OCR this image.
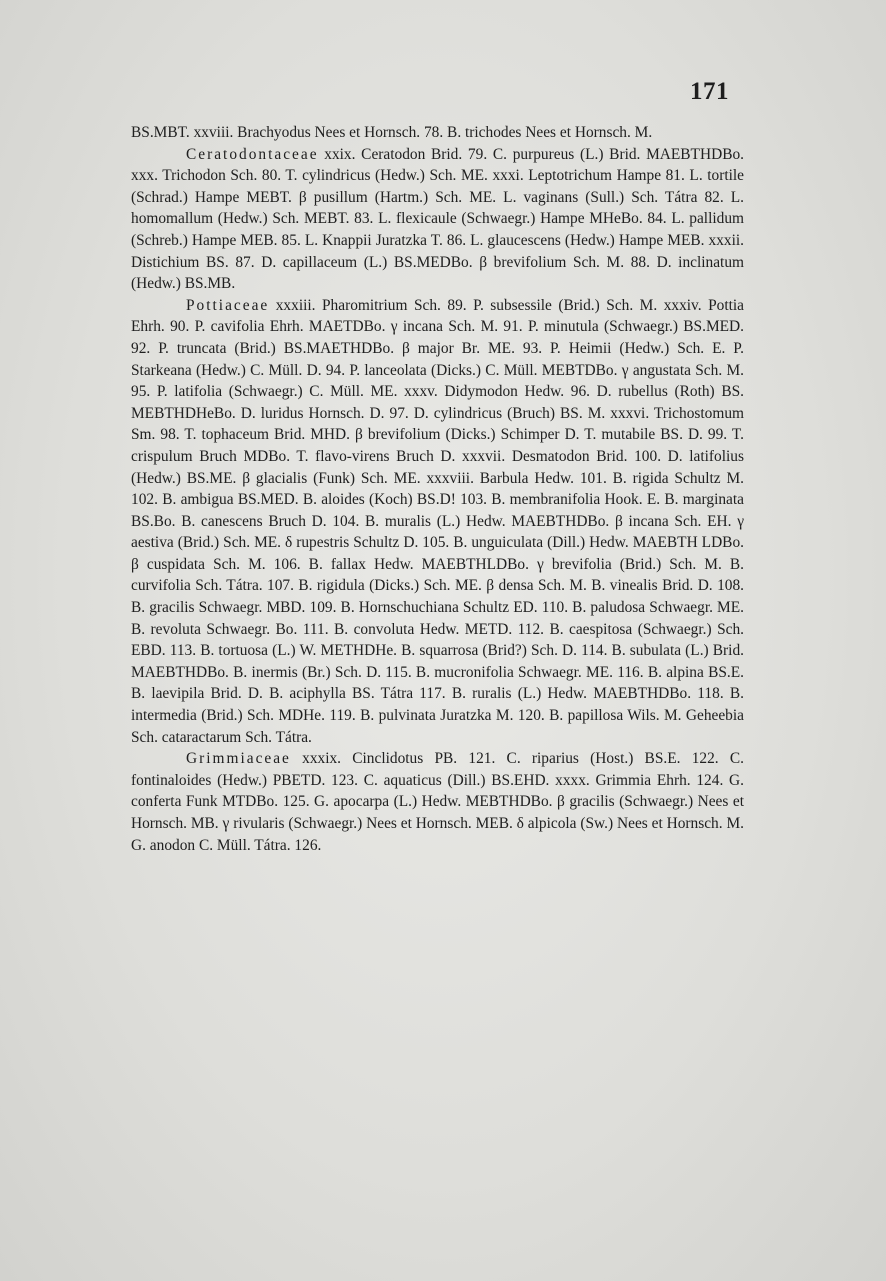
171

BS.MBT. xxviii. Brachyodus Nees et Hornsch. 78. B. trichodes Nees et Hornsch. M.

Ceratodontaceae xxix. Ceratodon Brid. 79. C. purpureus (L.) Brid. MAEBTHDBo. xxx. Trichodon Sch. 80. T. cylindricus (Hedw.) Sch. ME. xxxi. Leptotrichum Hampe 81. L. tortile (Schrad.) Hampe MEBT. β pusillum (Hartm.) Sch. ME. L. vaginans (Sull.) Sch. Tátra 82. L. homomallum (Hedw.) Sch. MEBT. 83. L. flexicaule (Schwaegr.) Hampe MHeBo. 84. L. pallidum (Schreb.) Hampe MEB. 85. L. Knappii Juratzka T. 86. L. glaucescens (Hedw.) Hampe MEB. xxxii. Distichium BS. 87. D. capillaceum (L.) BS.MEDBo. β brevifolium Sch. M. 88. D. inclinatum (Hedw.) BS.MB.

Pottiaceae xxxiii. Pharomitrium Sch. 89. P. subsessile (Brid.) Sch. M. xxxiv. Pottia Ehrh. 90. P. cavifolia Ehrh. MAETDBo. γ incana Sch. M. 91. P. minutula (Schwaegr.) BS.MED. 92. P. truncata (Brid.) BS.MAETHDBo. β major Br. ME. 93. P. Heimii (Hedw.) Sch. E. P. Starkeana (Hedw.) C. Müll. D. 94. P. lanceolata (Dicks.) C. Müll. MEBTDBo. γ angustata Sch. M. 95. P. latifolia (Schwaegr.) C. Müll. ME. xxxv. Didymodon Hedw. 96. D. rubellus (Roth) BS. MEBTHDHeBo. D. luridus Hornsch. D. 97. D. cylindricus (Bruch) BS. M. xxxvi. Trichostomum Sm. 98. T. tophaceum Brid. MHD. β brevifolium (Dicks.) Schimper D. T. mutabile BS. D. 99. T. crispulum Bruch MDBo. T. flavo-virens Bruch D. xxxvii. Desmatodon Brid. 100. D. latifolius (Hedw.) BS.ME. β glacialis (Funk) Sch. ME. xxxviii. Barbula Hedw. 101. B. rigida Schultz M. 102. B. ambigua BS.MED. B. aloides (Koch) BS.D! 103. B. membranifolia Hook. E. B. marginata BS.Bo. B. canescens Bruch D. 104. B. muralis (L.) Hedw. MAEBTHDBo. β incana Sch. EH. γ aestiva (Brid.) Sch. ME. δ rupestris Schultz D. 105. B. unguiculata (Dill.) Hedw. MAEBTH LDBo. β cuspidata Sch. M. 106. B. fallax Hedw. MAEBTHLDBo. γ brevifolia (Brid.) Sch. M. B. curvifolia Sch. Tátra. 107. B. rigidula (Dicks.) Sch. ME. β densa Sch. M. B. vinealis Brid. D. 108. B. gracilis Schwaegr. MBD. 109. B. Hornschuchiana Schultz ED. 110. B. paludosa Schwaegr. ME. B. revoluta Schwaegr. Bo. 111. B. convoluta Hedw. METD. 112. B. caespitosa (Schwaegr.) Sch. EBD. 113. B. tortuosa (L.) W. METHDHe. B. squarrosa (Brid?) Sch. D. 114. B. subulata (L.) Brid. MAEBTHDBo. B. inermis (Br.) Sch. D. 115. B. mucronifolia Schwaegr. ME. 116. B. alpina BS.E. B. laevipila Brid. D. B. aciphylla BS. Tátra 117. B. ruralis (L.) Hedw. MAEBTHDBo. 118. B. intermedia (Brid.) Sch. MDHe. 119. B. pulvinata Juratzka M. 120. B. papillosa Wils. M. Geheebia Sch. cataractarum Sch. Tátra.

Grimmiaceae xxxix. Cinclidotus PB. 121. C. riparius (Host.) BS.E. 122. C. fontinaloides (Hedw.) PBETD. 123. C. aquaticus (Dill.) BS.EHD. xxxx. Grimmia Ehrh. 124. G. conferta Funk MTDBo. 125. G. apocarpa (L.) Hedw. MEBTHDBo. β gracilis (Schwaegr.) Nees et Hornsch. MB. γ rivularis (Schwaegr.) Nees et Hornsch. MEB. δ alpicola (Sw.) Nees et Hornsch. M. G. anodon C. Müll. Tátra. 126.
